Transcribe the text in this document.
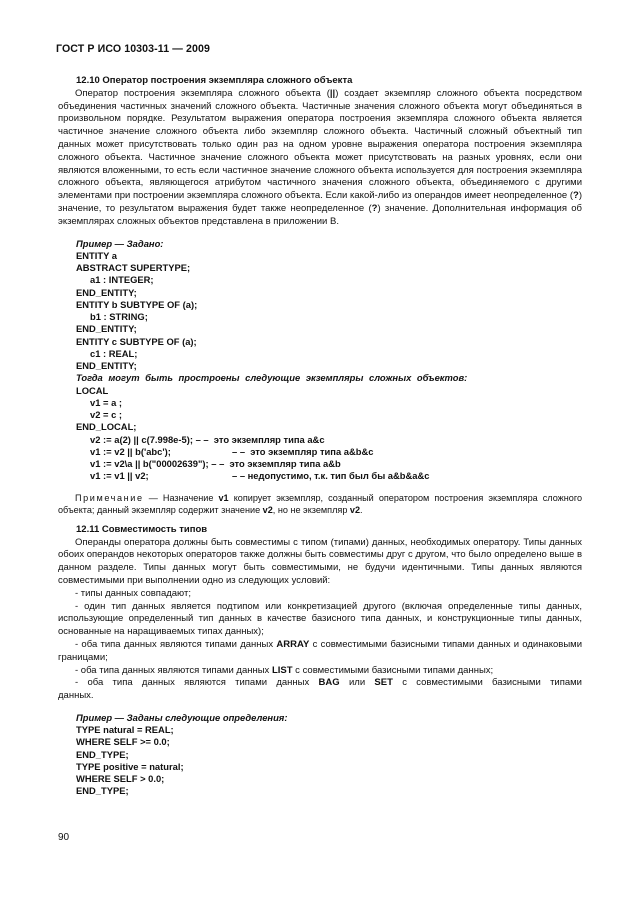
ГОСТ Р ИСО 10303-11 — 2009
12.10 Оператор построения экземпляра сложного объекта

Оператор построения экземпляра сложного объекта (||) создает экземпляр сложного объекта посредством объединения частичных значений сложного объекта. Частичные значения сложного объекта могут объединяться в произвольном порядке. Результатом выражения оператора построения экземпляра сложного объекта является частичное значение сложного объекта либо экземпляр сложного объекта. Частичный сложный объектный тип данных может присутствовать только один раз на одном уровне выражения оператора построения экземпляра сложного объекта. Частичное значение сложного объекта может присутствовать на разных уровнях, если они являются вложенными, то есть если частичное значение сложного объекта используется для построения экземпляра сложного объекта, являющегося атрибутом частичного значения сложного объекта, объединяемого с другими элементами при построении экземпляра сложного объекта. Если какой-либо из операндов имеет неопределенное (?) значение, то результатом выражения будет также неопределенное (?) значение. Дополнительная информация об экземплярах сложных объектов представлена в приложении В.

Пример — Задано:
ENTITY a
ABSTRACT SUPERTYPE;
a1 : INTEGER;
END_ENTITY;
ENTITY b SUBTYPE OF (a);
b1 : STRING;
END_ENTITY;
ENTITY c SUBTYPE OF (a);
c1 : REAL;
END_ENTITY;
Тогда могут быть простроены следующие экземпляры сложных объектов:
LOCAL
v1 = a ;
v2 = c ;
END_LOCAL;
v2 := a(2) || c(7.998e-5); – –  это экземпляр типа a&c
v1 := v2 || b('abc');	– –  это экземпляр типа a&b&c
v1 := v2\a || b("00002639"); – –  это экземпляр типа a&b
v1 := v1 || v2;	– – недопустимо, т.к. тип был бы a&b&a&c

Примечание — Назначение v1 копирует экземпляр, созданный оператором построения экземпляра сложного объекта; данный экземпляр содержит значение v2, но не экземпляр v2.

12.11 Совместимость типов

Операнды оператора должны быть совместимы с типом (типами) данных, необходимых оператору. Типы данных обоих операндов некоторых операторов также должны быть совместимы друг с другом, что было определено выше в данном разделе. Типы данных могут быть совместимыми, не будучи идентичными. Типы данных являются совместимыми при выполнении одно из следующих условий:

- типы данных совпадают;

- один тип данных является подтипом или конкретизацией другого (включая определенные типы данных, использующие определенный тип данных в качестве базисного типа данных, и конструкционные типы данных, основанные на наращиваемых типах данных);

- оба типа данных являются типами данных ARRAY с совместимыми базисными типами данных и одинаковыми границами;

- оба типа данных являются типами данных LIST с совместимыми базисными типами данных;

- оба типа данных являются типами данных BAG или SET с совместимыми базисными типами данных.

Пример — Заданы следующие определения:
TYPE natural = REAL;
WHERE SELF >= 0.0;
END_TYPE;
TYPE positive = natural;
WHERE SELF > 0.0;
END_TYPE;
90
